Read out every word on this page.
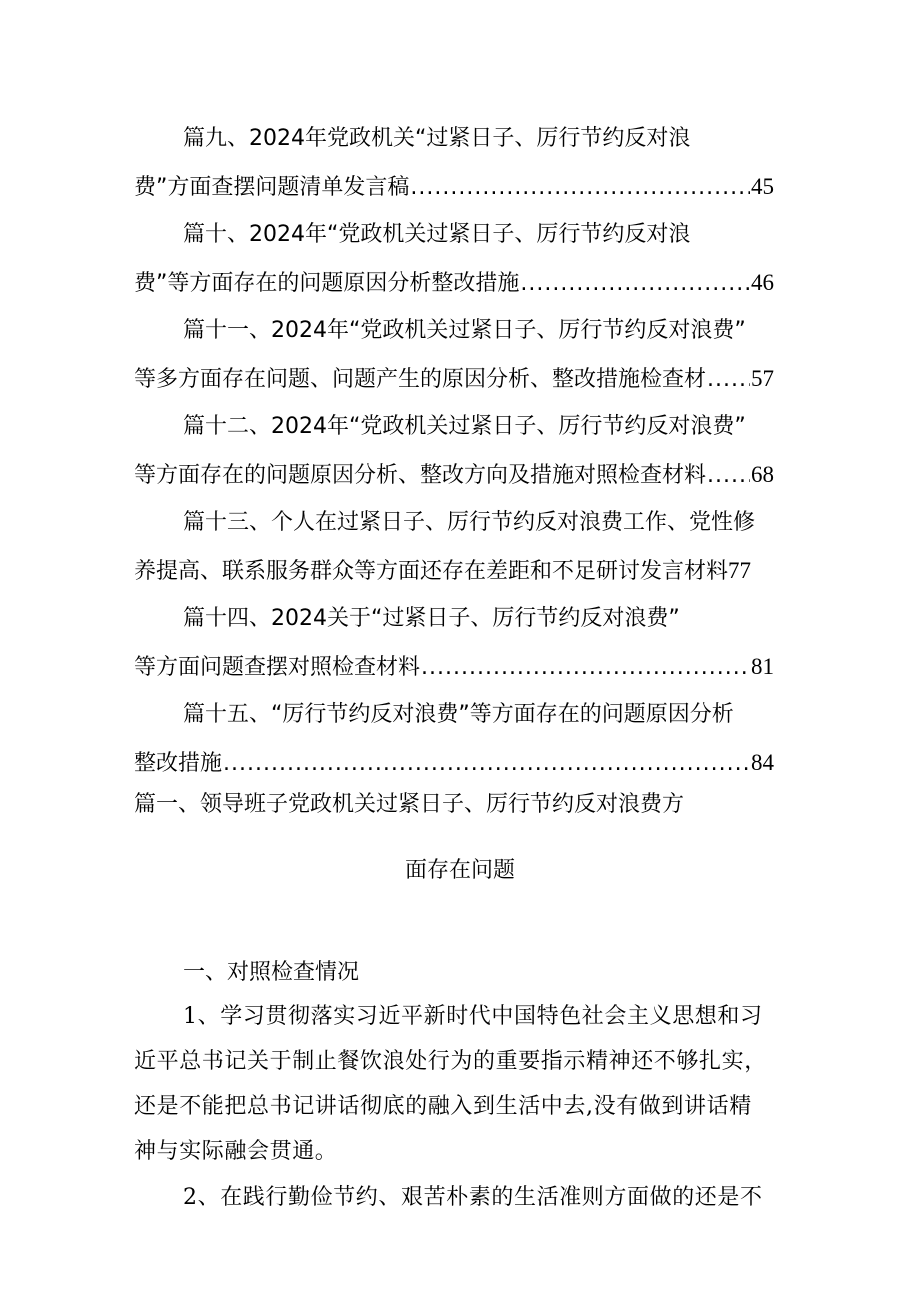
篇九、2024年党政机关“过紧日子、厉行节约反对浪
费”方面查摆问题清单发言稿 .....	45
篇十、2024年“党政机关过紧日子、厉行节约反对浪
费”等方面存在的问题原因分析整改措施 .....	46
篇十一、2024年“党政机关过紧日子、厉行节约反对浪费”
等多方面存在问题、问题产生的原因分析、整改措施检查材 ..... 57
篇十二、2024年“党政机关过紧日子、厉行节约反对浪费”
等方面存在的问题原因分析、整改方向及措施对照检查材料 ..... 68
篇十三、个人在过紧日子、厉行节约反对浪费工作、党性修
养提高、联系服务群众等方面还存在差距和不足研讨发言材料 77
篇十四、2024关于“过紧日子、厉行节约反对浪费”
等方面问题查摆对照检查材料 .....	81
篇十五、“厉行节约反对浪费”等方面存在的问题原因分析
整改措施 .....	84
篇一、领导班子党政机关过紧日子、厉行节约反对浪费方
面存在问题
一、对照检查情况
1、学习贯彻落实习近平新时代中国特色社会主义思想和习
近平总书记关于制止餐饮浪处行为的重要指示精神还不够扎实，
还是不能把总书记讲话彻底的融入到生活中去,没有做到讲话精
神与实际融会贯通。
2、在践行勤俭节约、艰苦朴素的生活准则方面做的还是不
